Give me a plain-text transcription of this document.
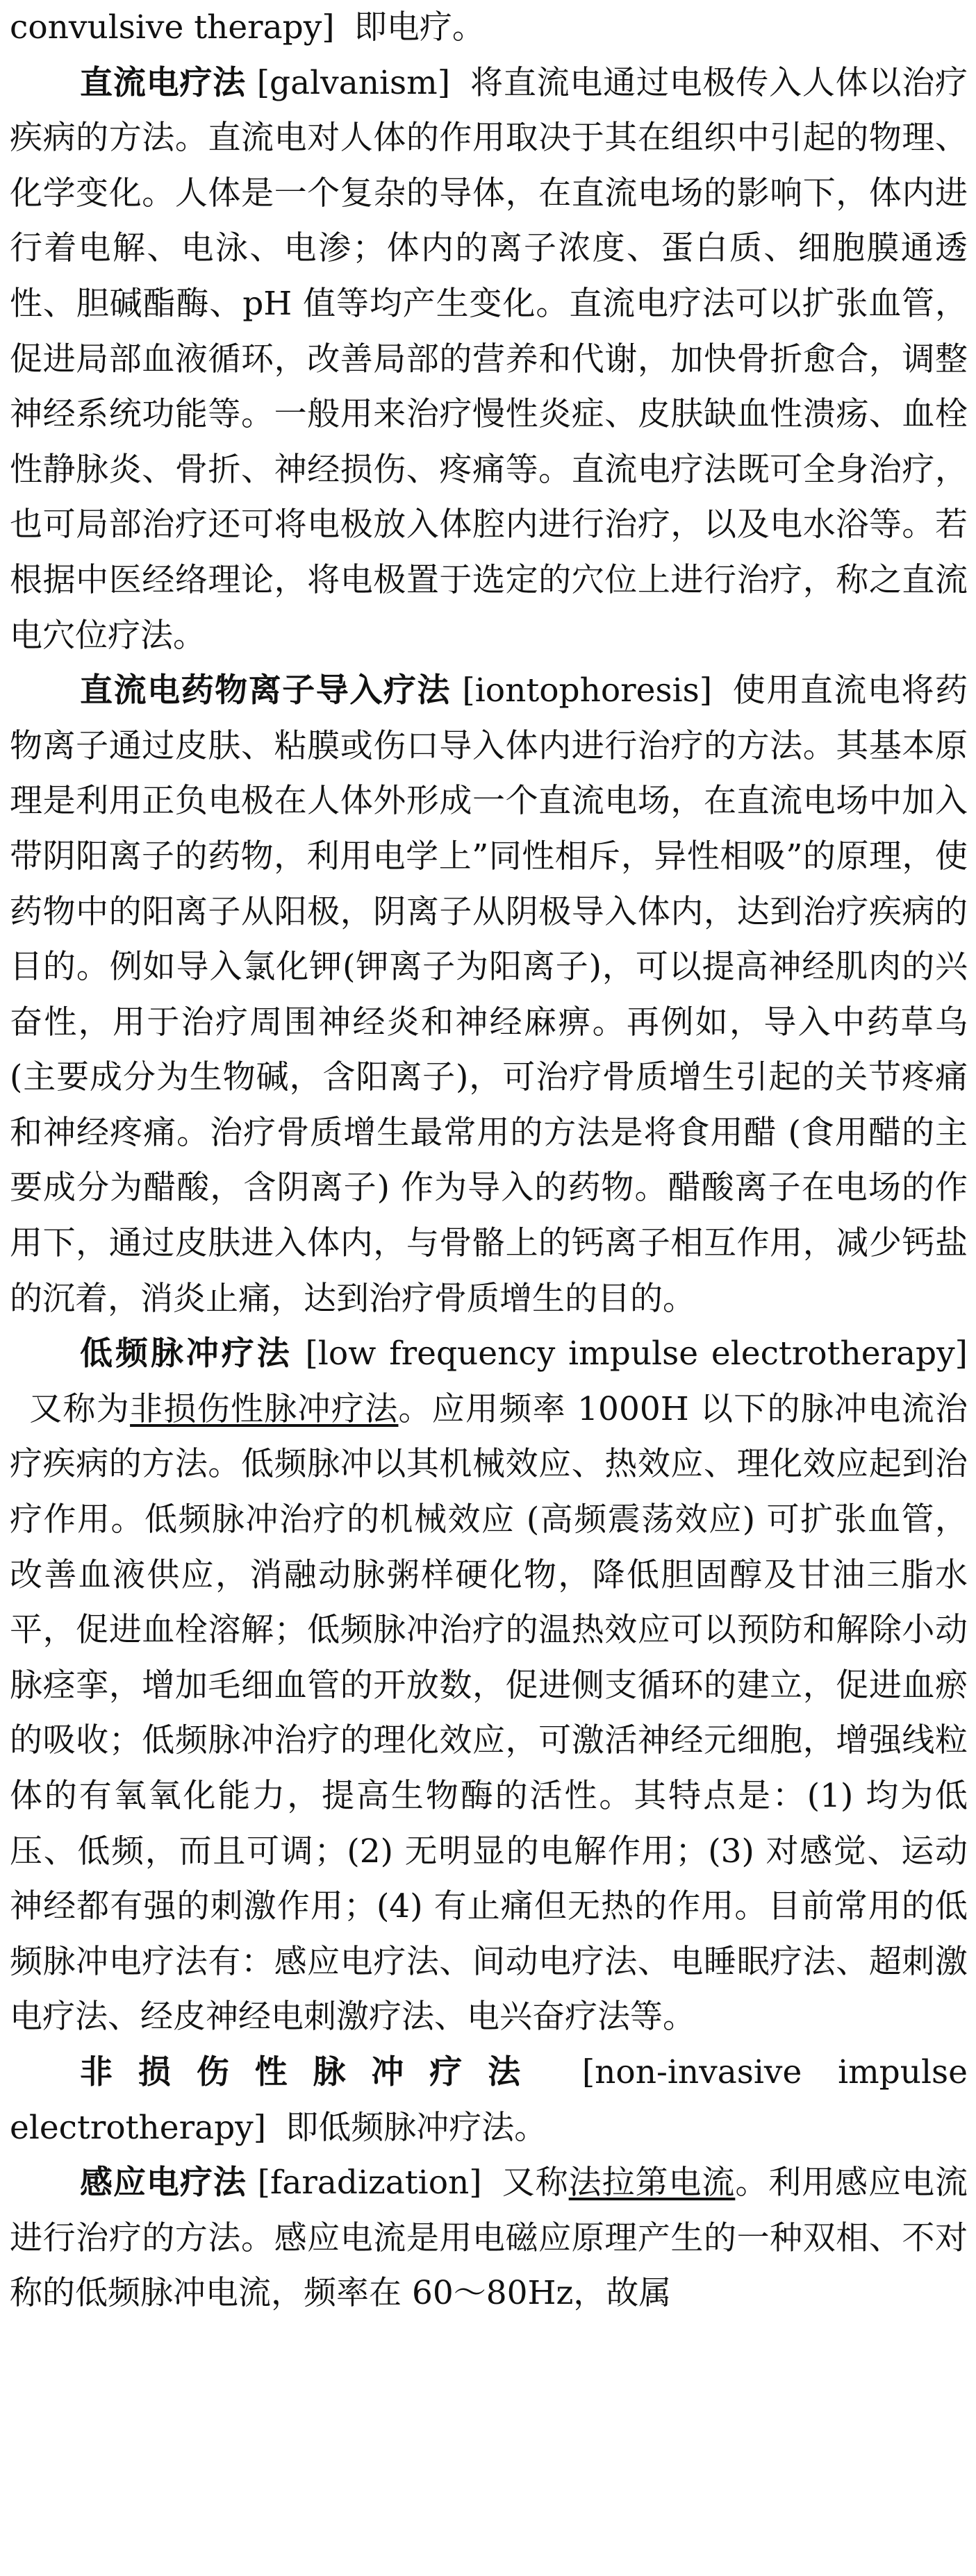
convulsive therapy] 即电疗。

直流电疗法 [galvanism] 将直流电通过电极传入人体以治疗疾病的方法。直流电对人体的作用取决于其在组织中引起的物理、化学变化。人体是一个复杂的导体，在直流电场的影响下，体内进行着电解、电泳、电渗；体内的离子浓度、蛋白质、细胞膜通透性、胆碱酯酶、pH 值等均产生变化。直流电疗法可以扩张血管，促进局部血液循环，改善局部的营养和代谢，加快骨折愈合，调整神经系统功能等。一般用来治疗慢性炎症、皮肤缺血性溃疡、血栓性静脉炎、骨折、神经损伤、疼痛等。直流电疗法既可全身治疗，也可局部治疗还可将电极放入体腔内进行治疗，以及电水浴等。若根据中医经络理论，将电极置于选定的穴位上进行治疗，称之直流电穴位疗法。

直流电药物离子导入疗法 [iontophoresis] 使用直流电将药物离子通过皮肤、粘膜或伤口导入体内进行治疗的方法。其基本原理是利用正负电极在人体外形成一个直流电场，在直流电场中加入带阴阳离子的药物，利用电学上”同性相斥，异性相吸”的原理，使药物中的阳离子从阳极，阴离子从阴极导入体内，达到治疗疾病的目的。例如导入氯化钾(钾离子为阳离子)，可以提高神经肌肉的兴奋性，用于治疗周围神经炎和神经麻痹。再例如，导入中药草乌 (主要成分为生物碱，含阳离子)，可治疗骨质增生引起的关节疼痛和神经疼痛。治疗骨质增生最常用的方法是将食用醋 (食用醋的主要成分为醋酸，含阴离子) 作为导入的药物。醋酸离子在电场的作用下，通过皮肤进入体内，与骨骼上的钙离子相互作用，减少钙盐的沉着，消炎止痛，达到治疗骨质增生的目的。

低频脉冲疗法 [low frequency impulse electrotherapy]又称为非损伤性脉冲疗法。应用频率 1000H 以下的脉冲电流治疗疾病的方法。低频脉冲以其机械效应、热效应、理化效应起到治疗作用。低频脉冲治疗的机械效应 (高频震荡效应) 可扩张血管，改善血液供应，消融动脉粥样硬化物，降低胆固醇及甘油三脂水平，促进血栓溶解；低频脉冲治疗的温热效应可以预防和解除小动脉痉挛，增加毛细血管的开放数，促进侧支循环的建立，促进血瘀的吸收；低频脉冲治疗的理化效应，可激活神经元细胞，增强线粒体的有氧氧化能力，提高生物酶的活性。其特点是：(1) 均为低压、低频，而且可调；(2) 无明显的电解作用；(3) 对感觉、运动神经都有强的刺激作用；(4) 有止痛但无热的作用。目前常用的低频脉冲电疗法有：感应电疗法、间动电疗法、电睡眠疗法、超刺激电疗法、经皮神经电刺激疗法、电兴奋疗法等。

非损伤性脉冲疗法 [non-invasive impulse electrotherapy] 即低频脉冲疗法。

感应电疗法 [faradization] 又称法拉第电流。利用感应电流进行治疗的方法。感应电流是用电磁应原理产生的一种双相、不对称的低频脉冲电流，频率在 60～80Hz，故属
